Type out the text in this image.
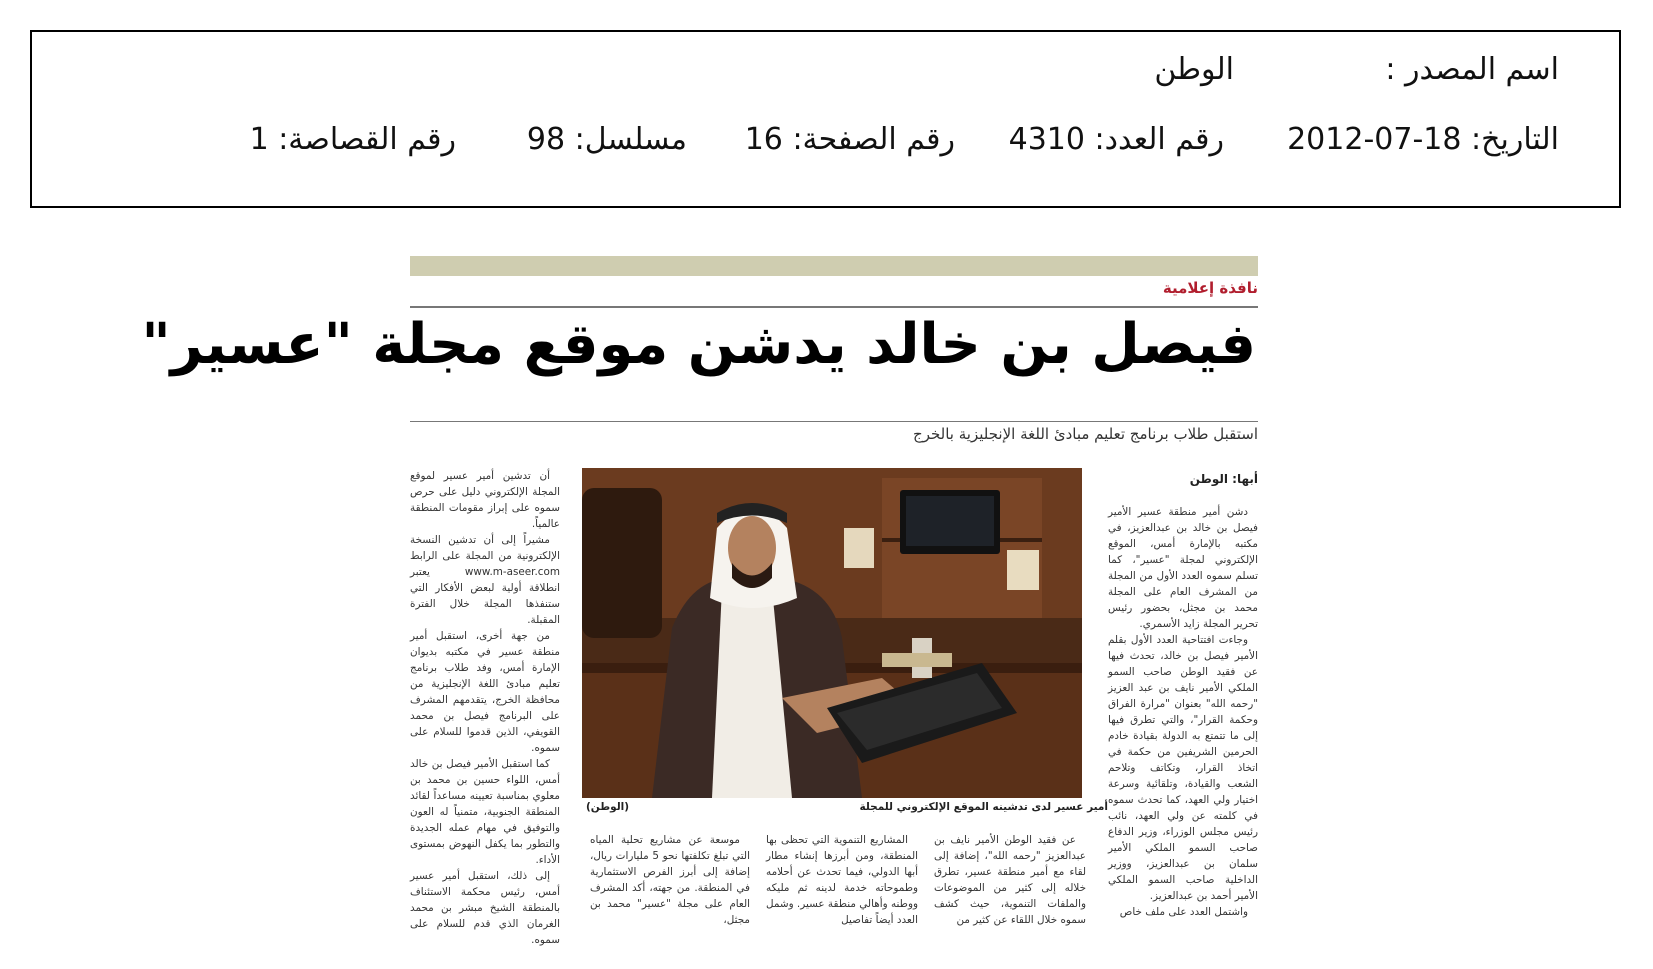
اسم المصدر :
الوطن
التاريخ: 18-07-2012
رقم العدد: 4310
رقم الصفحة: 16
مسلسل: 98
رقم القصاصة: 1
نافذة إعلامية
فيصل بن خالد يدشن موقع مجلة "عسير"
استقبل طلاب برنامج تعليم مبادئ اللغة الإنجليزية بالخرج
أبها: الوطن

دشن أمير منطقة عسير الأمير فيصل بن خالد بن عبدالعزيز، في مكتبه بالإمارة أمس، الموقع الإلكتروني لمجلة "عسير"، كما تسلم سموه العدد الأول من المجلة من المشرف العام على المجلة محمد بن مجثل، بحضور رئيس تحرير المجلة زايد الأسمري.

وجاءت افتتاحية العدد الأول بقلم الأمير فيصل بن خالد، تحدث فيها عن فقيد الوطن صاحب السمو الملكي الأمير نايف بن عبد العزيز "رحمه الله" بعنوان "مرارة الفراق وحكمة القرار"، والتي تطرق فيها إلى ما تتمتع به الدولة بقيادة خادم الحرمين الشريفين من حكمة في اتخاذ القرار، وتكاتف وتلاحم الشعب والقيادة، وتلقائية وسرعة اختيار ولي العهد، كما تحدث سموه في كلمته عن ولي العهد، نائب رئيس مجلس الوزراء، وزير الدفاع صاحب السمو الملكي الأمير سلمان بن عبدالعزيز، ووزير الداخلية صاحب السمو الملكي الأمير أحمد بن عبدالعزيز.

واشتمل العدد على ملف خاص

أمير عسير لدى تدشينه الموقع الإلكتروني للمجلة
(الوطن)

أن تدشين أمير عسير لموقع المجلة الإلكتروني دليل على حرص سموه على إبراز مقومات المنطقة عالمياً.

مشيراً إلى أن تدشين النسخة الإلكترونية من المجلة على الرابط www.m-aseer.com يعتبر انطلاقة أولية لبعض الأفكار التي ستنفذها المجلة خلال الفترة المقبلة.

من جهة أخرى، استقبل أمير منطقة عسير في مكتبه بديوان الإمارة أمس، وفد طلاب برنامج تعليم مبادئ اللغة الإنجليزية من محافظة الخرج، يتقدمهم المشرف على البرنامج فيصل بن محمد القويفي، الذين قدموا للسلام على سموه.

كما استقبل الأمير فيصل بن خالد أمس، اللواء حسين بن محمد بن معلوي بمناسبة تعيينه مساعداً لقائد المنطقة الجنوبية، متمنياً له العون والتوفيق في مهام عمله الجديدة والتطور بما يكفل النهوض بمستوى الأداء.

إلى ذلك، استقبل أمير عسير أمس، رئيس محكمة الاستئناف بالمنطقة الشيخ مبشر بن محمد الغرمان الذي قدم للسلام على سموه.

عن فقيد الوطن الأمير نايف بن عبدالعزيز "رحمه الله"، إضافة إلى لقاء مع أمير منطقة عسير، تطرق خلاله إلى كثير من الموضوعات والملفات التنموية، حيث كشف سموه خلال اللقاء عن كثير من

المشاريع التنموية التي تحظى بها المنطقة، ومن أبرزها إنشاء مطار أبها الدولي، فيما تحدث عن أحلامه وطموحاته خدمة لدينه ثم مليكه ووطنه وأهالي منطقة عسير. وشمل العدد أيضاً تفاصيل

موسعة عن مشاريع تحلية المياه التي تبلغ تكلفتها نحو 5 مليارات ريال، إضافة إلى أبرز الفرص الاستثمارية في المنطقة. من جهته، أكد المشرف العام على مجلة "عسير" محمد بن مجثل،
